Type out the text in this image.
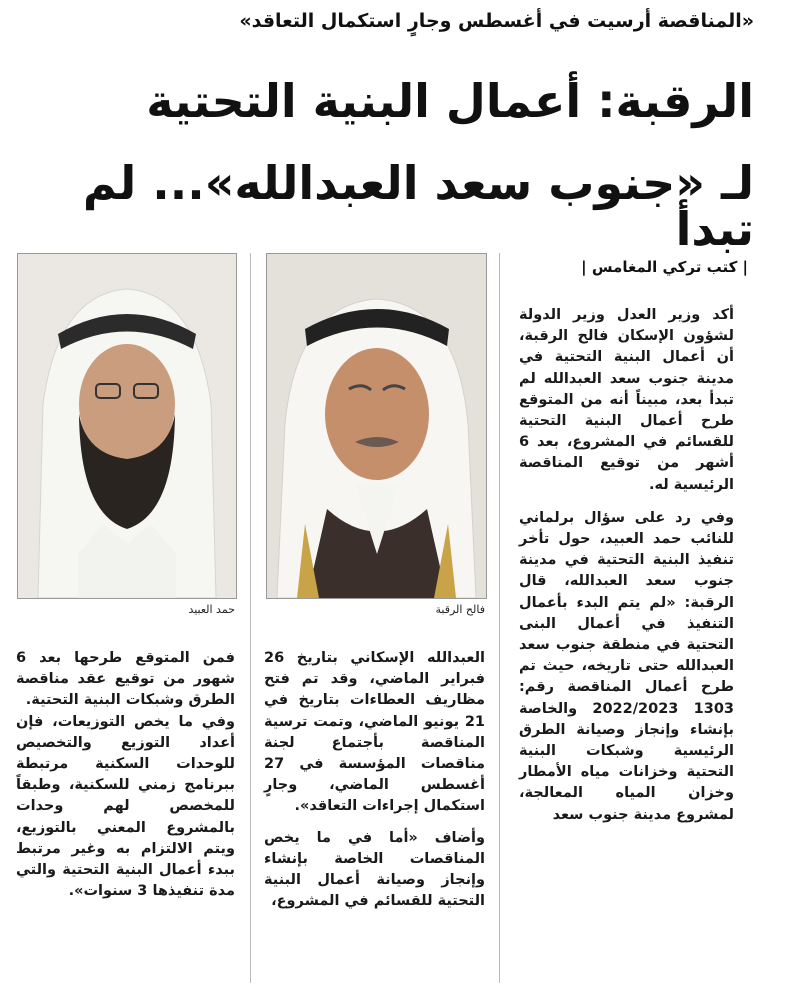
«المناقصة أرسيت في أغسطس وجارٍ استكمال التعاقد»
الرقبة: أعمال البنية التحتية
لـ «جنوب سعد العبدالله»... لم تبدأ
| كتب تركي المغامس |
حمد العبيد	فالح الرقبة

أكد وزير العدل وزير الدولة لشؤون الإسكان فالح الرقبة، أن أعمال البنية التحتية في مدينة جنوب سعد العبدالله لم تبدأ بعد، مبيناً أنه من المتوقع طرح أعمال البنية التحتية للقسائم في المشروع، بعد 6 أشهر من توقيع المناقصة الرئيسية له.

وفي رد على سؤال برلماني للنائب حمد العبيد، حول تأخر تنفيذ البنية التحتية في مدينة جنوب سعد العبدالله، قال الرقبة: «لم يتم البدء بأعمال التنفيذ في أعمال البنى التحتية في منطقة جنوب سعد العبدالله حتى تاريخه، حيث تم طرح أعمال المناقصة رقم: 1303 2022/2023 والخاصة بإنشاء وإنجاز وصيانة الطرق الرئيسية وشبكات البنية التحتية وخزانات مياه الأمطار وخزان المياه المعالجة، لمشروع مدينة جنوب سعد

العبدالله الإسكاني بتاريخ 26 فبراير الماضي، وقد تم فتح مظاريف العطاءات بتاريخ في 21 يونيو الماضي، وتمت ترسية المناقصة بأجتماع لجنة مناقصات المؤسسة في 27 أغسطس الماضي، وجارٍ استكمال إجراءات التعاقد».

وأضاف «أما في ما يخص المناقصات الخاصة بإنشاء وإنجاز وصيانة أعمال البنية التحتية للقسائم في المشروع،

فمن المتوقع طرحها بعد 6 شهور من توقيع عقد مناقصة الطرق وشبكات البنية التحتية.

وفي ما يخص التوزيعات، فإن أعداد التوزيع والتخصيص للوحدات السكنية مرتبطة ببرنامج زمني للسكنية، وطبقاً للمخصص لهم وحدات بالمشروع المعني بالتوزيع، ويتم الالتزام به وغير مرتبط ببدء أعمال البنية التحتية والتي مدة تنفيذها 3 سنوات».
